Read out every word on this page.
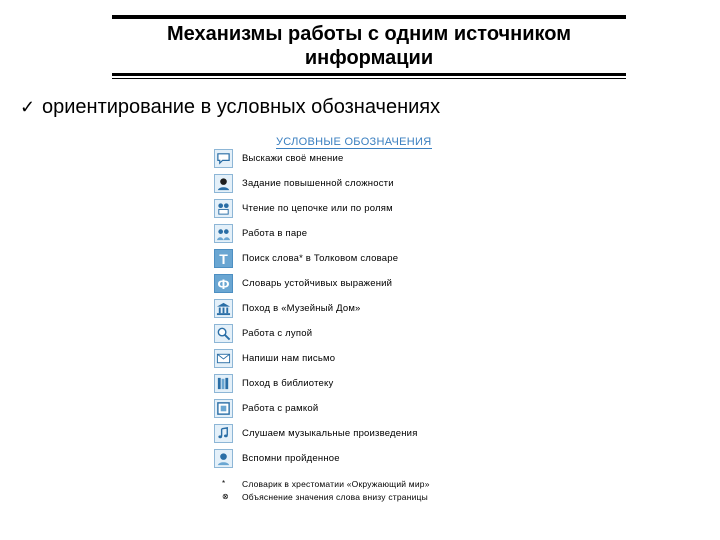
Механизмы работы с одним источником
информации
✓ ориентирование в условных обозначениях
УСЛОВНЫЕ ОБОЗНАЧЕНИЯ
Выскажи своё мнение
Задание повышенной сложности
Чтение по цепочке или по ролям
Работа в паре
Т	Поиск слова* в Толковом словаре
Ф	Словарь устойчивых выражений
Поход в «Музейный Дом»
Работа с лупой
Напиши нам письмо
Поход в библиотеку
Работа с рамкой
Слушаем музыкальные произведения
Вспомни пройденное
*	Словарик в хрестоматии «Окружающий мир»
⊗	Объяснение значения слова внизу страницы
